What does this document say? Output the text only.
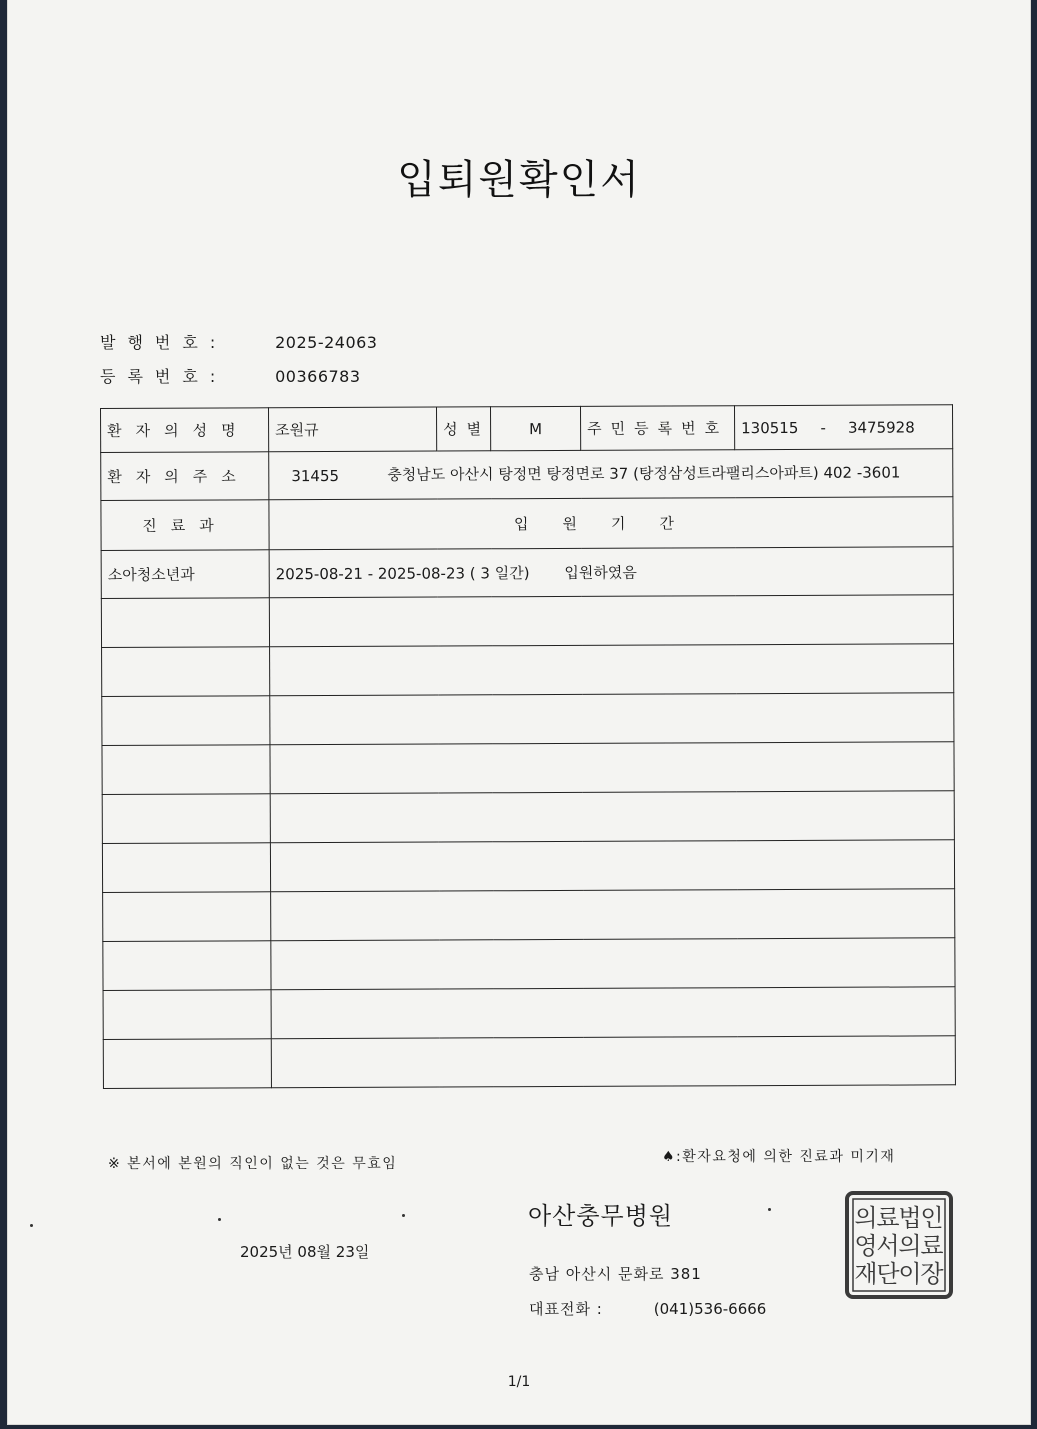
입퇴원확인서
발행번호:	2025-24063
등록번호:	00366783
환자의성명	조원규	성별	M	주민등록번호	130515 - 3475928
환자의주소	31455 충청남도 아산시 탕정면 탕정면로 37 (탕정삼성트라팰리스아파트) 402 -3601				

진료과	입원기간				
소아청소년과	2025-08-21 - 2025-08-23 ( 3 일간) 입원하였음				

※ 본서에 본원의 직인이 없는 것은 무효임	♠:환자요청에 의한 진료과 미기재
아산충무병원
2025년 08월 23일
충남 아산시 문화로 381
대표전화 :	(041)536-6666
의
료
법
인
영
서
의
료
재
단
이
장
1/1
